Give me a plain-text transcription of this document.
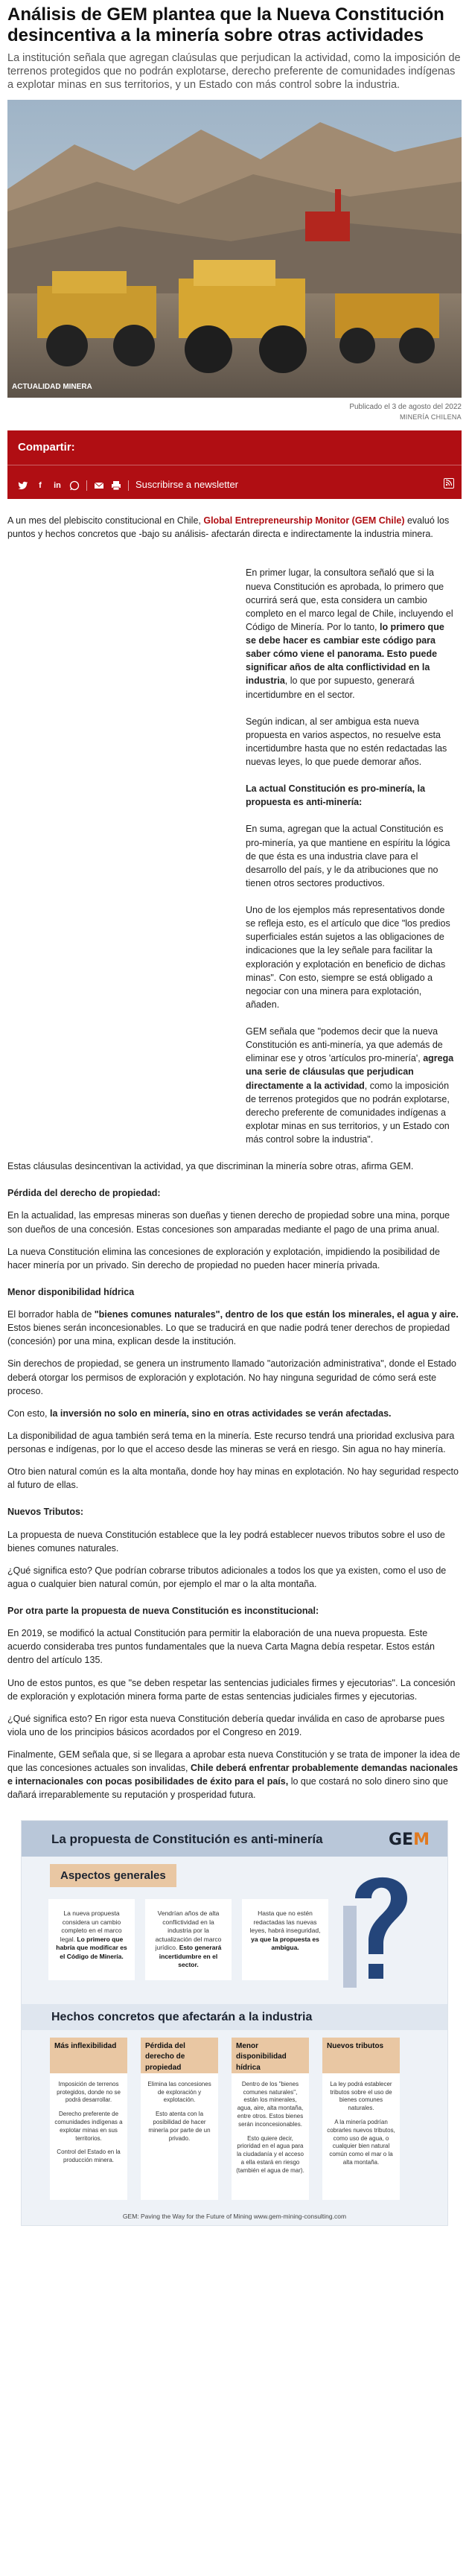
Análisis de GEM plantea que la Nueva Constitución desincentiva a la minería sobre otras actividades

La institución señala que agregan claúsulas que perjudican la actividad, como la imposición de terrenos protegidos que no podrán explotarse, derecho preferente de comunidades indígenas a explotar minas en sus territorios, y un Estado con más control sobre la industria.

ACTUALIDAD MINERA
Publicado el 3 de agosto del 2022
MINERÍA CHILENA
Compartir:
f	in	Suscribirse a newsletter

A un mes del plebiscito constitucional en Chile, Global Entrepreneurship Monitor (GEM Chile) evaluó los puntos y hechos concretos que -bajo su análisis- afectarán directa e indirectamente la industria minera.

En primer lugar, la consultora señaló que si la nueva Constitución es aprobada, lo primero que ocurrirá será que, esta considera un cambio completo en el marco legal de Chile, incluyendo el Código de Minería. Por lo tanto, lo primero que se debe hacer es cambiar este código para saber cómo viene el panorama. Esto puede significar años de alta conflictividad en la industria, lo que por supuesto, generará incertidumbre en el sector.

Según indican, al ser ambigua esta nueva propuesta en varios aspectos, no resuelve esta incertidumbre hasta que no estén redactadas las nuevas leyes, lo que puede demorar años.

La actual Constitución es pro-minería, la propuesta es anti-minería:

En suma, agregan que la actual Constitución es pro-minería, ya que mantiene en espíritu la lógica de que ésta es una industria clave para el desarrollo del país, y le da atribuciones que no tienen otros sectores productivos.

Uno de los ejemplos más representativos donde se refleja esto, es el artículo que dice "los predios superficiales están sujetos a las obligaciones de indicaciones que la ley señale para facilitar la exploración y explotación en beneficio de dichas minas". Con esto, siempre se está obligado a negociar con una minera para explotación, añaden.

GEM señala que "podemos decir que la nueva Constitución es anti-minería, ya que además de eliminar ese y otros 'artículos pro-minería', agrega una serie de cláusulas que perjudican directamente a la actividad, como la imposición de terrenos protegidos que no podrán explotarse, derecho preferente de comunidades indígenas a explotar minas en sus territorios, y un Estado con más control sobre la industria".

Estas cláusulas desincentivan la actividad, ya que discriminan la minería sobre otras, afirma GEM.

Pérdida del derecho de propiedad:

En la actualidad, las empresas mineras son dueñas y tienen derecho de propiedad sobre una mina, porque son dueños de una concesión. Estas concesiones son amparadas mediante el pago de una prima anual.

La nueva Constitución elimina las concesiones de exploración y explotación, impidiendo la posibilidad de hacer minería por un privado. Sin derecho de propiedad no pueden hacer minería privada.

Menor disponibilidad hídrica

El borrador habla de "bienes comunes naturales", dentro de los que están los minerales, el agua y aire. Estos bienes serán inconcesionables. Lo que se traducirá en que nadie podrá tener derechos de propiedad (concesión) por una mina, explican desde la institución.

Sin derechos de propiedad, se genera un instrumento llamado "autorización administrativa", donde el Estado deberá otorgar los permisos de exploración y explotación. No hay ninguna seguridad de cómo será este proceso.

Con esto, la inversión no solo en minería, sino en otras actividades se verán afectadas.

La disponibilidad de agua también será tema en la minería. Este recurso tendrá una prioridad exclusiva para personas e indígenas, por lo que el acceso desde las mineras se verá en riesgo. Sin agua no hay minería.

Otro bien natural común es la alta montaña, donde hoy hay minas en explotación. No hay seguridad respecto al futuro de ellas.

Nuevos Tributos:

La propuesta de nueva Constitución establece que la ley podrá establecer nuevos tributos sobre el uso de bienes comunes naturales.

¿Qué significa esto? Que podrían cobrarse tributos adicionales a todos los que ya existen, como el uso de agua o cualquier bien natural común, por ejemplo el mar o la alta montaña.

Por otra parte la propuesta de nueva Constitución es inconstitucional:

En 2019, se modificó la actual Constitución para permitir la elaboración de una nueva propuesta. Este acuerdo consideraba tres puntos fundamentales que la nueva Carta Magna debía respetar. Estos están dentro del artículo 135.

Uno de estos puntos, es que "se deben respetar las sentencias judiciales firmes y ejecutorias". La concesión de exploración y explotación minera forma parte de estas sentencias judiciales firmes y ejecutorias.

¿Qué significa esto? En rigor esta nueva Constitución debería quedar inválida en caso de aprobarse pues viola uno de los principios básicos acordados por el Congreso en 2019.

Finalmente, GEM señala que, si se llegara a aprobar esta nueva Constitución y se trata de imponer la idea de que las concesiones actuales son invalidas, Chile deberá enfrentar probablemente demandas nacionales e internacionales con pocas posibilidades de éxito para el país, lo que costará no solo dinero sino que dañará irreparablemente su reputación y prosperidad futura.

La propuesta de Constitución es anti-minería	GEM
Aspectos generales
La nueva propuesta considera un cambio completo en el marco legal. Lo primero que habría que modificar es el Código de Minería.
Vendrían años de alta conflictividad en la industria por la actualización del marco jurídico. Esto generará incertidumbre en el sector.
Hasta que no estén redactadas las nuevas leyes, habrá inseguridad, ya que la propuesta es ambigua.
Hechos concretos que afectarán a la industria
Más inflexibilidad

Imposición de terrenos protegidos, donde no se podrá desarrollar.

Derecho preferente de comunidades indígenas a explotar minas en sus territorios.

Control del Estado en la producción minera.

Pérdida del derecho de propiedad

Elimina las concesiones de exploración y explotación.

Esto atenta con la posibilidad de hacer minería por parte de un privado.

Menor disponibilidad hídrica

Dentro de los "bienes comunes naturales", están los minerales, agua, aire, alta montaña, entre otros. Estos bienes serán inconcesionables.

Esto quiere decir, prioridad en el agua para la ciudadanía y el acceso a ella estará en riesgo (también el agua de mar).

Nuevos tributos

La ley podrá establecer tributos sobre el uso de bienes comunes naturales.

A la minería podrían cobrarles nuevos tributos, como uso de agua, o cualquier bien natural común como el mar o la alta montaña.

GEM: Paving the Way for the Future of Mining www.gem-mining-consulting.com
